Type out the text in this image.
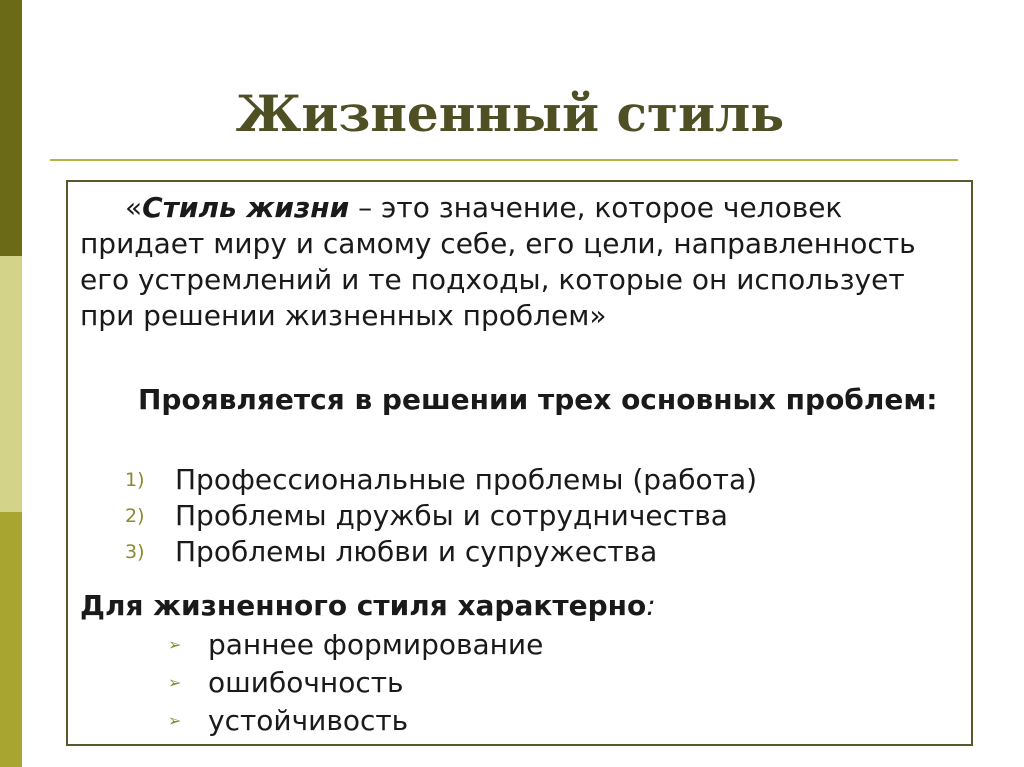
Жизненный стиль

«Стиль жизни – это значение, которое человек придает миру и самому себе, его цели, направленность его устремлений и те подходы, которые он использует при решении жизненных проблем»

Проявляется в решении трех основных проблем:

1) Профессиональные проблемы (работа)
2) Проблемы дружбы и сотрудничества
3) Проблемы любви и супружества

Для жизненного стиля характерно:

➢ раннее формирование
➢ ошибочность
➢ устойчивость
